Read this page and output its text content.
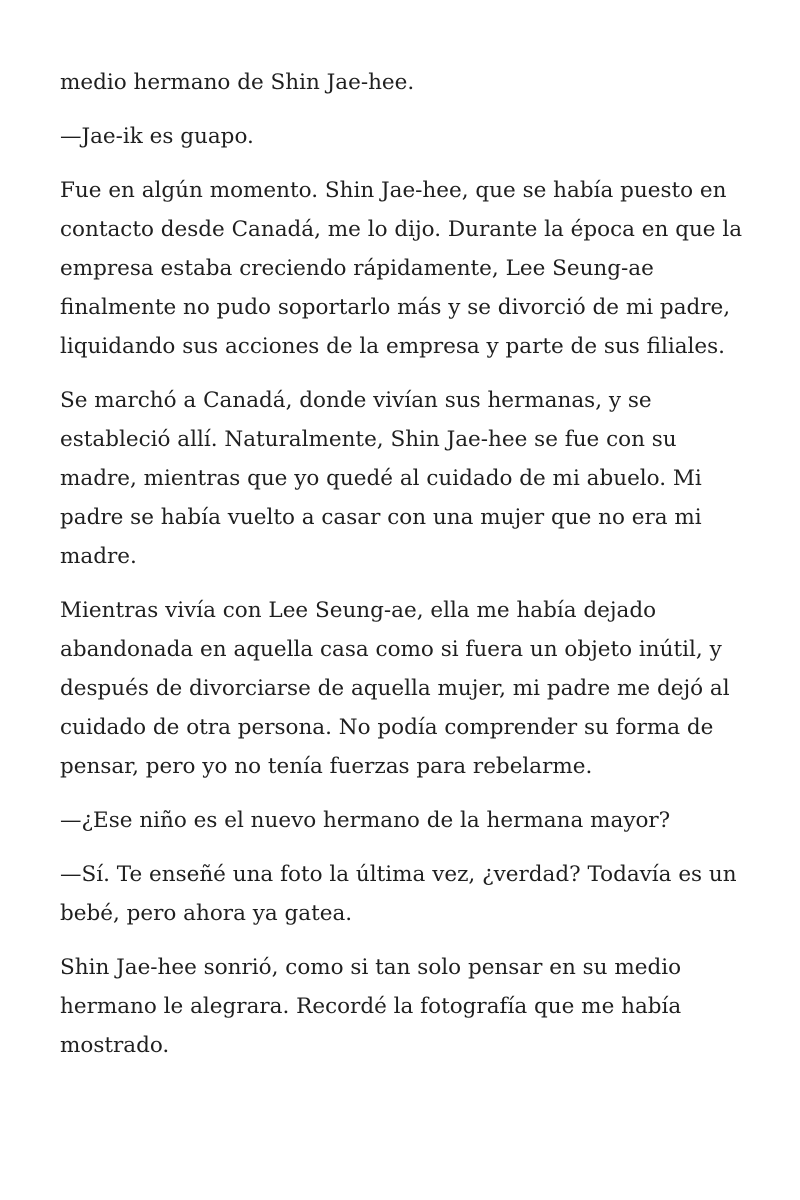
medio hermano de Shin Jae-hee.

—Jae-ik es guapo.

Fue en algún momento. Shin Jae-hee, que se había puesto en contacto desde Canadá, me lo dijo. Durante la época en que la empresa estaba creciendo rápidamente, Lee Seung-ae finalmente no pudo soportarlo más y se divorció de mi padre, liquidando sus acciones de la empresa y parte de sus filiales.

Se marchó a Canadá, donde vivían sus hermanas, y se estableció allí. Naturalmente, Shin Jae-hee se fue con su madre, mientras que yo quedé al cuidado de mi abuelo. Mi padre se había vuelto a casar con una mujer que no era mi madre.

Mientras vivía con Lee Seung-ae, ella me había dejado abandonada en aquella casa como si fuera un objeto inútil, y después de divorciarse de aquella mujer, mi padre me dejó al cuidado de otra persona. No podía comprender su forma de pensar, pero yo no tenía fuerzas para rebelarme.

—¿Ese niño es el nuevo hermano de la hermana mayor?

—Sí. Te enseñé una foto la última vez, ¿verdad? Todavía es un bebé, pero ahora ya gatea.

Shin Jae-hee sonrió, como si tan solo pensar en su medio hermano le alegrara. Recordé la fotografía que me había mostrado.
